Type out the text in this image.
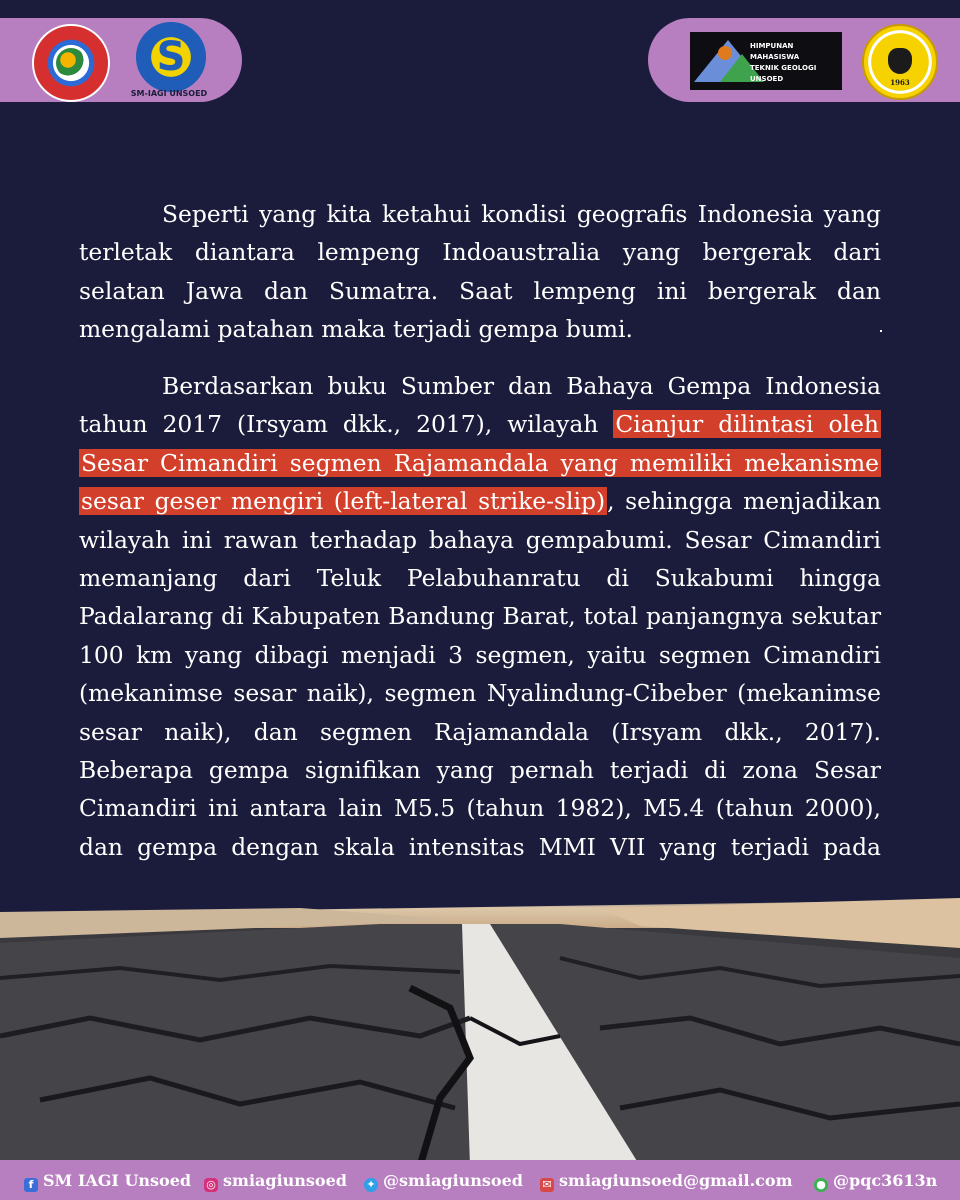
S
SM-IAGI UNSOED
HIMPUNAN MAHASISWA
TEKNIK GEOLOGI
UNSOED	1963

Seperti yang kita ketahui kondisi geografis Indonesia yang terletak diantara lempeng Indoaustralia yang bergerak dari selatan Jawa dan Sumatra. Saat lempeng ini bergerak dan mengalami patahan maka terjadi gempa bumi.

Berdasarkan buku Sumber dan Bahaya Gempa Indonesia tahun 2017 (Irsyam dkk., 2017), wilayah Cianjur dilintasi oleh Sesar Cimandiri segmen Rajamandala yang memiliki mekanisme sesar geser mengiri (left-lateral strike-slip), sehingga menjadikan wilayah ini rawan terhadap bahaya gempabumi. Sesar Cimandiri memanjang dari Teluk Pelabuhanratu di Sukabumi hingga Padalarang di Kabupaten Bandung Barat, total panjangnya sekutar 100 km yang dibagi menjadi 3 segmen, yaitu segmen Cimandiri (mekanimse sesar naik), segmen Nyalindung-Cibeber (mekanimse sesar naik), dan segmen Rajamandala (Irsyam dkk., 2017). Beberapa gempa signifikan yang pernah terjadi di zona Sesar Cimandiri ini antara lain M5.5 (tahun 1982), M5.4 (tahun 2000), dan gempa dengan skala intensitas MMI VII yang terjadi pada

f SM IAGI Unsoed ◎ smiagiunsoed ✦ @smiagiunsoed ✉ smiagiunsoed@gmail.com ● @pqc3613n
